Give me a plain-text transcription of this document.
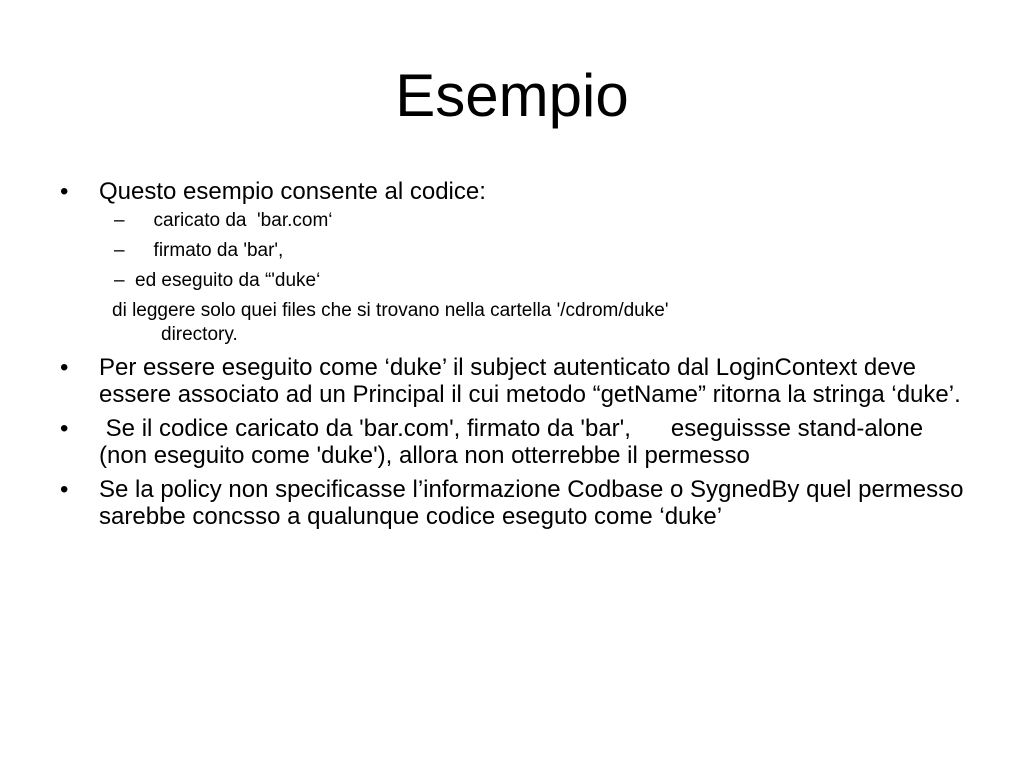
Esempio
• Questo esempio consente al codice:
– caricato da  'bar.com‘
– firmato da 'bar',
– ed eseguito da “'duke‘
di leggere solo quei files che si trovano nella cartella '/cdrom/duke'
directory.
• Per essere eseguito come ‘duke’ il subject autenticato dal LoginContext deve essere associato ad un Principal il cui metodo “getName” ritorna la stringa ‘duke’.
• Se il codice caricato da 'bar.com', firmato da 'bar',      eseguissse stand-alone (non eseguito come 'duke'), allora non otterrebbe il permesso
• Se la policy non specificasse l’informazione Codbase o SygnedBy quel permesso sarebbe concsso a qualunque codice eseguto come ‘duke’
